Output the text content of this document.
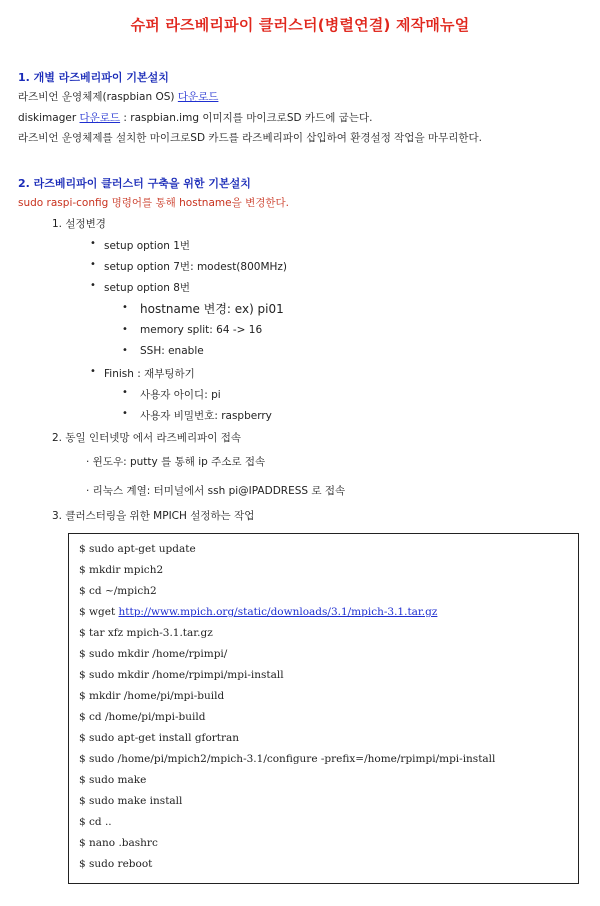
슈퍼 라즈베리파이 클러스터(병렬연결) 제작매뉴얼
1. 개별 라즈베리파이 기본설치
라즈비언 운영체제(raspbian OS) 다운로드
diskimager 다운로드 : raspbian.img 이미지를 마이크로SD 카드에 굽는다.
라즈비언 운영체제를 설치한 마이크로SD 카드를 라즈베리파이 삽입하여 환경설정 작업을 마무리한다.
2. 라즈베리파이 클러스터 구축을 위한 기본설치
sudo raspi-config 명령어를 통해 hostname을 변경한다.
1. 설정변경
• setup option 1번
• setup option 7번: modest(800MHz)
• setup option 8번
• hostname 변경: ex) pi01
• memory split: 64 -> 16
• SSH: enable
• Finish : 재부팅하기
• 사용자 아이디: pi
• 사용자 비밀번호: raspberry
2. 동일 인터넷망 에서 라즈베리파이 접속
· 윈도우: putty 를 통해 ip 주소로 접속
· 리눅스 계열: 터미널에서 ssh pi@IPADDRESS 로 접속
3. 클러스터링을 위한 MPICH 설정하는 작업
$ sudo apt-get update
$ mkdir mpich2
$ cd ~/mpich2
$ wget http://www.mpich.org/static/downloads/3.1/mpich-3.1.tar.gz
$ tar xfz mpich-3.1.tar.gz
$ sudo mkdir /home/rpimpi/
$ sudo mkdir /home/rpimpi/mpi-install
$ mkdir /home/pi/mpi-build
$ cd /home/pi/mpi-build
$ sudo apt-get install gfortran
$ sudo /home/pi/mpich2/mpich-3.1/configure -prefix=/home/rpimpi/mpi-install
$ sudo make
$ sudo make install
$ cd ..
$ nano .bashrc
$ sudo reboot
